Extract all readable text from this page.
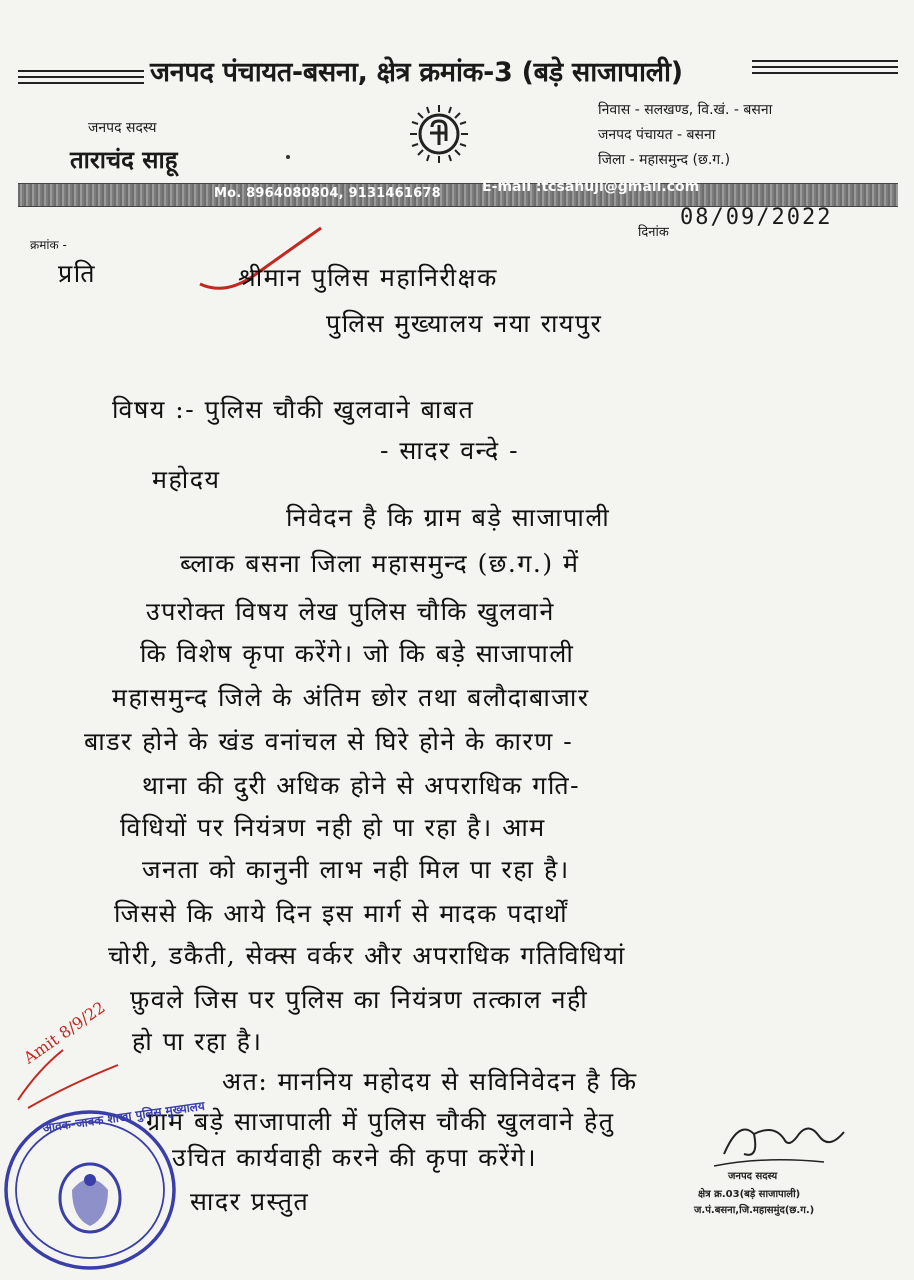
जनपद पंचायत-बसना, क्षेत्र क्रमांक-3 (बड़े साजापाली)
जनपद सदस्य
ताराचंद साहू
निवास - सलखण्ड, वि.खं. - बसना
जनपद पंचायत - बसना
जिला - महासमुन्द (छ.ग.)
Mo. 8964080804, 9131461678	E-mail :tcsahuji@gmail.com
क्रमांक -
दिनांक
08/09/2022
प्रति	श्रीमान पुलिस महानिरीक्षक
पुलिस मुख्यालय नया रायपुर
विषय :- पुलिस चौकी खुलवाने बाबत
- सादर वन्दे -
महोदय
निवेदन है कि ग्राम बड़े साजापाली
ब्लाक बसना जिला महासमुन्द (छ.ग.) में
उपरोक्त विषय लेख पुलिस चौकि खुलवाने
कि विशेष कृपा करेंगे। जो कि बड़े साजापाली
महासमुन्द जिले के अंतिम छोर तथा बलौदाबाजार
बाडर होने के खंड वनांचल से घिरे होने के कारण -
थाना की दुरी अधिक होने से अपराधिक गति-
विधियों पर नियंत्रण नही हो पा रहा है। आम
जनता को कानुनी लाभ नही मिल पा रहा है।
जिससे कि आये दिन इस मार्ग से मादक पदार्थों
चोरी, डकैती, सेक्स वर्कर और अपराधिक गतिविधियां
फ़ुवले जिस पर पुलिस का नियंत्रण तत्काल नही
हो पा रहा है।
अत: माननिय महोदय से सविनिवेदन है कि
ग्राम बड़े साजापाली में पुलिस चौकी खुलवाने हेतु
उचित कार्यवाही करने की कृपा करेंगे।
सादर प्रस्तुत
Amit 8/9/22
आवक-जावक शाखा पुलिस मुख्यालय
जनपद सदस्य
क्षेत्र क्र.03(बड़े साजापाली)
ज.पं.बसना,जि.महासमुंद(छ.ग.)
